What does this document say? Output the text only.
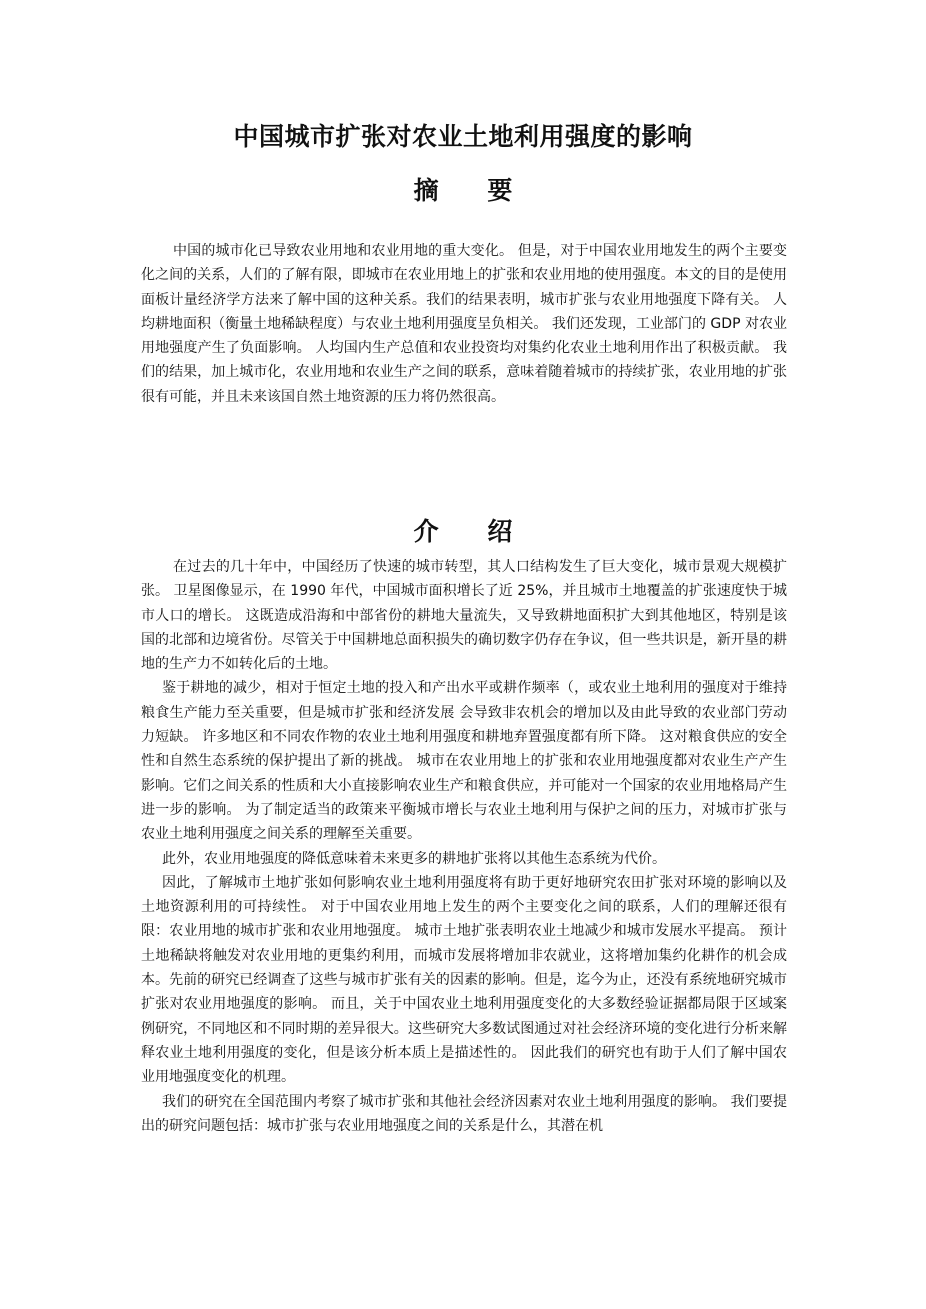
中国城市扩张对农业土地利用强度的影响
摘 要

中国的城市化已导致农业用地和农业用地的重大变化。 但是，对于中国农业用地发生的两个主要变化之间的关系，人们的了解有限，即城市在农业用地上的扩张和农业用地的使用强度。本文的目的是使用面板计量经济学方法来了解中国的这种关系。我们的结果表明，城市扩张与农业用地强度下降有关。 人均耕地面积（衡量土地稀缺程度）与农业土地利用强度呈负相关。 我们还发现，工业部门的 GDP 对农业用地强度产生了负面影响。 人均国内生产总值和农业投资均对集约化农业土地利用作出了积极贡献。 我们的结果，加上城市化，农业用地和农业生产之间的联系，意味着随着城市的持续扩张，农业用地的扩张很有可能，并且未来该国自然土地资源的压力将仍然很高。

介 绍

在过去的几十年中，中国经历了快速的城市转型，其人口结构发生了巨大变化，城市景观大规模扩张。 卫星图像显示，在 1990 年代，中国城市面积增长了近 25%，并且城市土地覆盖的扩张速度快于城市人口的增长。 这既造成沿海和中部省份的耕地大量流失，又导致耕地面积扩大到其他地区，特别是该国的北部和边境省份。尽管关于中国耕地总面积损失的确切数字仍存在争议，但一些共识是，新开垦的耕地的生产力不如转化后的土地。

鉴于耕地的减少，相对于恒定土地的投入和产出水平或耕作频率（，或农业土地利用的强度对于维持粮食生产能力至关重要，但是城市扩张和经济发展 会导致非农机会的增加以及由此导致的农业部门劳动力短缺。 许多地区和不同农作物的农业土地利用强度和耕地弃置强度都有所下降。 这对粮食供应的安全性和自然生态系统的保护提出了新的挑战。 城市在农业用地上的扩张和农业用地强度都对农业生产产生影响。它们之间关系的性质和大小直接影响农业生产和粮食供应，并可能对一个国家的农业用地格局产生进一步的影响。 为了制定适当的政策来平衡城市增长与农业土地利用与保护之间的压力，对城市扩张与农业土地利用强度之间关系的理解至关重要。

此外，农业用地强度的降低意味着未来更多的耕地扩张将以其他生态系统为代价。

因此，了解城市土地扩张如何影响农业土地利用强度将有助于更好地研究农田扩张对环境的影响以及土地资源利用的可持续性。 对于中国农业用地上发生的两个主要变化之间的联系，人们的理解还很有限：农业用地的城市扩张和农业用地强度。 城市土地扩张表明农业土地减少和城市发展水平提高。 预计土地稀缺将触发对农业用地的更集约利用，而城市发展将增加非农就业，这将增加集约化耕作的机会成本。先前的研究已经调查了这些与城市扩张有关的因素的影响。但是，迄今为止，还没有系统地研究城市扩张对农业用地强度的影响。 而且，关于中国农业土地利用强度变化的大多数经验证据都局限于区域案例研究，不同地区和不同时期的差异很大。这些研究大多数试图通过对社会经济环境的变化进行分析来解释农业土地利用强度的变化，但是该分析本质上是描述性的。 因此我们的研究也有助于人们了解中国农业用地强度变化的机理。

我们的研究在全国范围内考察了城市扩张和其他社会经济因素对农业土地利用强度的影响。 我们要提出的研究问题包括：城市扩张与农业用地强度之间的关系是什么，其潜在机
